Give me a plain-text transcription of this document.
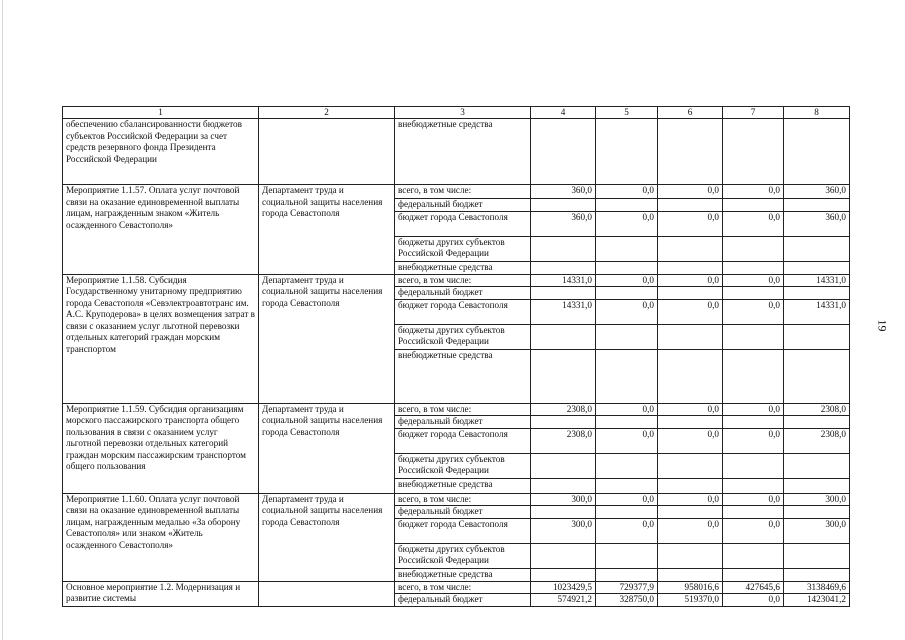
1	2	3	4	5	6	7	8
обеспечению сбалансированности бюджетов субъектов Российской Федерации за счет средств резервного фонда Президента Российской Федерации		внебюджетные средства					
Мероприятие 1.1.57. Оплата услуг почтовой связи на оказание единовременной выплаты лицам, награжденным знаком «Житель осажденного Севастополя»	Департамент труда и социальной защиты населения города Севастополя	всего, в том числе:	360,0	0,0	0,0	0,0	360,0
		федеральный бюджет					
		бюджет города Севастополя	360,0	0,0	0,0	0,0	360,0
		бюджеты других субъектов Российской Федерации					
		внебюджетные средства					
Мероприятие 1.1.58. Субсидия Государственному унитарному предприятию города Севастополя «Севэлектроавтотранс им. А.С. Круподерова» в целях возмещения затрат в связи с оказанием услуг льготной перевозки отдельных категорий граждан морским транспортом	Департамент труда и социальной защиты населения города Севастополя	всего, в том числе:	14331,0	0,0	0,0	0,0	14331,0
		федеральный бюджет					
		бюджет города Севастополя	14331,0	0,0	0,0	0,0	14331,0
		бюджеты других субъектов Российской Федерации					
		внебюджетные средства					
Мероприятие 1.1.59. Субсидия организациям морского пассажирского транспорта общего пользования в связи с оказанием услуг льготной перевозки отдельных категорий граждан морским пассажирским транспортом общего пользования	Департамент труда и социальной защиты населения города Севастополя	всего, в том числе:	2308,0	0,0	0,0	0,0	2308,0
		федеральный бюджет					
		бюджет города Севастополя	2308,0	0,0	0,0	0,0	2308,0
		бюджеты других субъектов Российской Федерации					
		внебюджетные средства					
Мероприятие 1.1.60. Оплата услуг почтовой связи на оказание единовременной выплаты лицам, награжденным медалью «За оборону Севастополя» или знаком «Житель осажденного Севастополя»	Департамент труда и социальной защиты населения города Севастополя	всего, в том числе:	300,0	0,0	0,0	0,0	300,0
		федеральный бюджет					
		бюджет города Севастополя	300,0	0,0	0,0	0,0	300,0
		бюджеты других субъектов Российской Федерации					
		внебюджетные средства					
Основное мероприятие 1.2. Модернизация и развитие системы		всего, в том числе:	1023429,5	729377,9	958016,6	427645,6	3138469,6
		федеральный бюджет	574921,2	328750,0	519370,0	0,0	1423041,2
19
